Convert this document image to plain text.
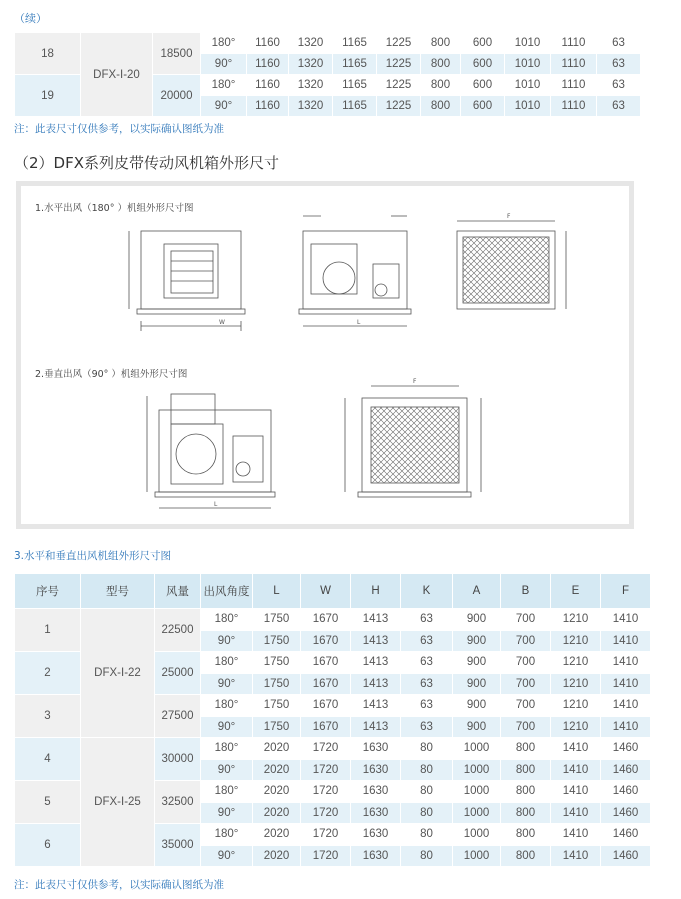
（续）
18	DFX-I-20	18500	180°	1160	1320	1165	1225	800	600	1010	1110	63
			90°	1160	1320	1165	1225	800	600	1010	1110	63
19		20000	180°	1160	1320	1165	1225	800	600	1010	1110	63
			90°	1160	1320	1165	1225	800	600	1010	1110	63
注：此表尺寸仅供参考，以实际确认图纸为准
（2）DFX系列皮带传动风机箱外形尺寸
1.水平出风（180° ）机组外形尺寸图
2.垂直出风（90° ）机组外形尺寸图
W	L
F
L
F
3.水平和垂直出风机组外形尺寸图
序号	型号	风量	出风角度	L	W	H	K	A	B	E	F
1	DFX-I-22	22500	180°	1750	1670	1413	63	900	700	1210	1410
			90°	1750	1670	1413	63	900	700	1210	1410
2		25000	180°	1750	1670	1413	63	900	700	1210	1410
			90°	1750	1670	1413	63	900	700	1210	1410
3		27500	180°	1750	1670	1413	63	900	700	1210	1410
			90°	1750	1670	1413	63	900	700	1210	1410
4	DFX-I-25	30000	180°	2020	1720	1630	80	1000	800	1410	1460
			90°	2020	1720	1630	80	1000	800	1410	1460
5		32500	180°	2020	1720	1630	80	1000	800	1410	1460
			90°	2020	1720	1630	80	1000	800	1410	1460
6		35000	180°	2020	1720	1630	80	1000	800	1410	1460
			90°	2020	1720	1630	80	1000	800	1410	1460
注：此表尺寸仅供参考，以实际确认图纸为准
